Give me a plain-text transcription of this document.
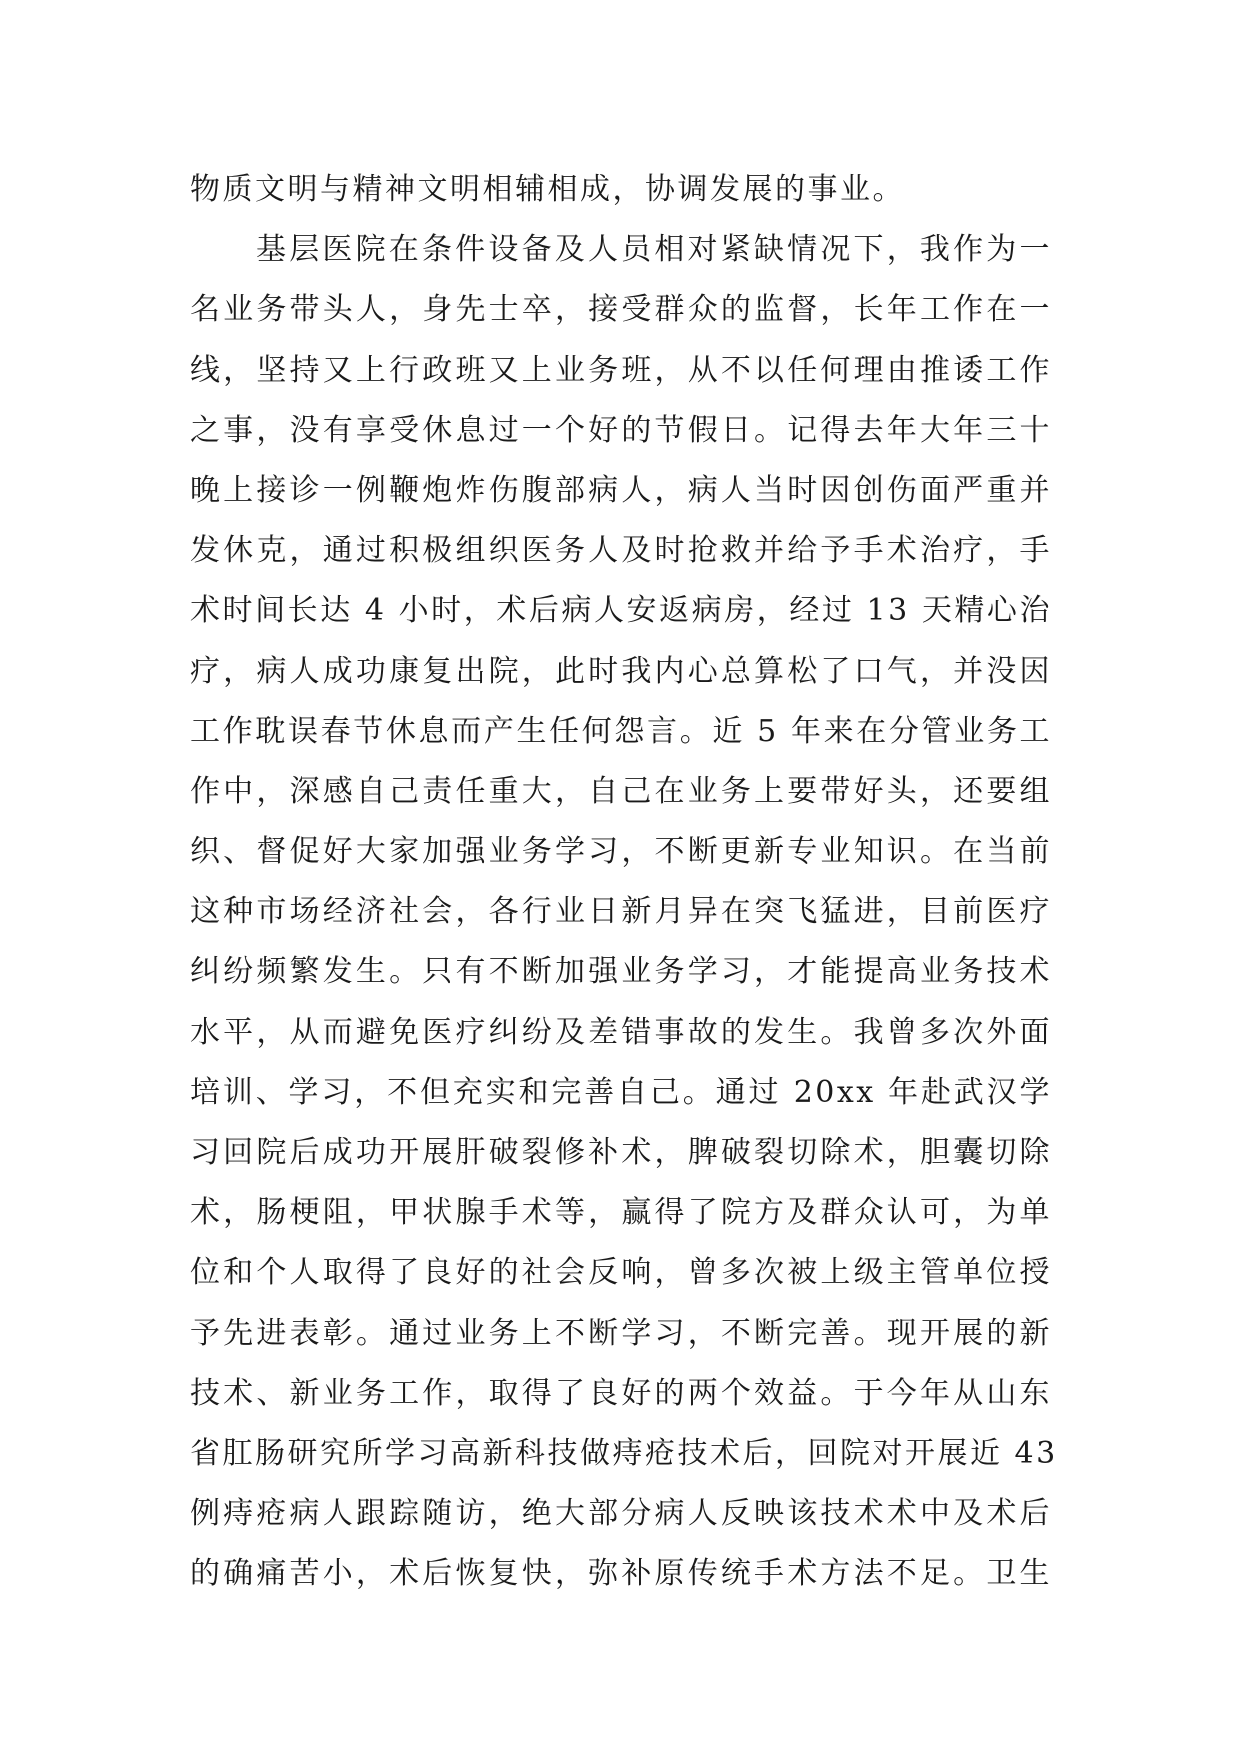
物质文明与精神文明相辅相成，协调发展的事业。
基层医院在条件设备及人员相对紧缺情况下，我作为一
名业务带头人，身先士卒，接受群众的监督，长年工作在一
线，坚持又上行政班又上业务班，从不以任何理由推诿工作
之事，没有享受休息过一个好的节假日。记得去年大年三十
晚上接诊一例鞭炮炸伤腹部病人，病人当时因创伤面严重并
发休克，通过积极组织医务人及时抢救并给予手术治疗，手
术时间长达 4 小时，术后病人安返病房，经过 13 天精心治
疗，病人成功康复出院，此时我内心总算松了口气，并没因
工作耽误春节休息而产生任何怨言。近 5 年来在分管业务工
作中，深感自己责任重大，自己在业务上要带好头，还要组
织、督促好大家加强业务学习，不断更新专业知识。在当前
这种市场经济社会，各行业日新月异在突飞猛进，目前医疗
纠纷频繁发生。只有不断加强业务学习，才能提高业务技术
水平，从而避免医疗纠纷及差错事故的发生。我曾多次外面
培训、学习，不但充实和完善自己。通过 20xx 年赴武汉学
习回院后成功开展肝破裂修补术，脾破裂切除术，胆囊切除
术，肠梗阻，甲状腺手术等，赢得了院方及群众认可，为单
位和个人取得了良好的社会反响，曾多次被上级主管单位授
予先进表彰。通过业务上不断学习，不断完善。现开展的新
技术、新业务工作，取得了良好的两个效益。于今年从山东
省肛肠研究所学习高新科技做痔疮技术后，回院对开展近 43
例痔疮病人跟踪随访，绝大部分病人反映该技术术中及术后
的确痛苦小，术后恢复快，弥补原传统手术方法不足。卫生
